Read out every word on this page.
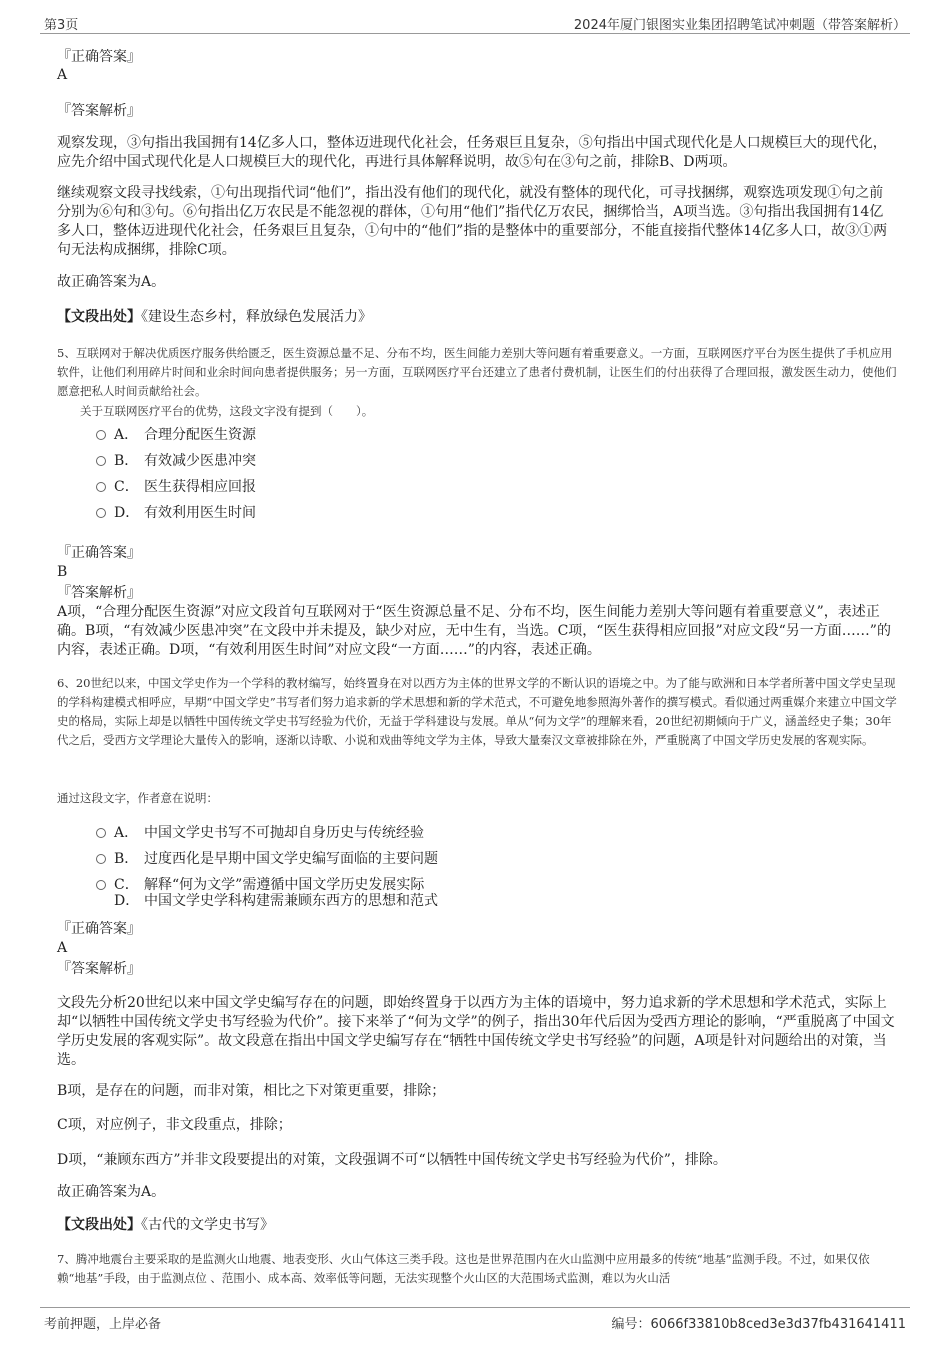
第3页	2024年厦门银图实业集团招聘笔试冲刺题（带答案解析）
『正确答案』
A
『答案解析』
观察发现，③句指出我国拥有14亿多人口，整体迈进现代化社会，任务艰巨且复杂，⑤句指出中国式现代化是人口规模巨大的现代化，应先介绍中国式现代化是人口规模巨大的现代化，再进行具体解释说明，故⑤句在③句之前，排除B、D两项。
继续观察文段寻找线索，①句出现指代词“他们”，指出没有他们的现代化，就没有整体的现代化，可寻找捆绑，观察选项发现①句之前分别为⑥句和③句。⑥句指出亿万农民是不能忽视的群体，①句用“他们”指代亿万农民，捆绑恰当，A项当选。③句指出我国拥有14亿多人口，整体迈进现代化社会，任务艰巨且复杂，①句中的“他们”指的是整体中的重要部分，不能直接指代整体14亿多人口，故③①两句无法构成捆绑，排除C项。
故正确答案为A。
【文段出处】《建设生态乡村，释放绿色发展活力》
5、互联网对于解决优质医疗服务供给匮乏，医生资源总量不足、分布不均，医生间能力差别大等问题有着重要意义。一方面，互联网医疗平台为医生提供了手机应用软件，让他们利用碎片时间和业余时间向患者提供服务；另一方面，互联网医疗平台还建立了患者付费机制，让医生们的付出获得了合理回报，激发医生动力，使他们愿意把私人时间贡献给社会。
关于互联网医疗平台的优势，这段文字没有提到（　　）。
A． 合理分配医生资源
B． 有效减少医患冲突
C． 医生获得相应回报
D． 有效利用医生时间
『正确答案』
B
『答案解析』
A项，“合理分配医生资源”对应文段首句互联网对于“医生资源总量不足、分布不均，医生间能力差别大等问题有着重要意义”，表述正确。B项，“有效减少医患冲突”在文段中并未提及，缺少对应，无中生有，当选。C项，“医生获得相应回报”对应文段“另一方面……”的内容，表述正确。D项，“有效利用医生时间”对应文段“一方面……”的内容，表述正确。
6、20世纪以来，中国文学史作为一个学科的教材编写，始终置身在对以西方为主体的世界文学的不断认识的语境之中。为了能与欧洲和日本学者所著中国文学史呈现的学科构建模式相呼应，早期“中国文学史”书写者们努力追求新的学术思想和新的学术范式，不可避免地参照海外著作的撰写模式。看似通过两重媒介来建立中国文学史的格局，实际上却是以牺牲中国传统文学史书写经验为代价，无益于学科建设与发展。单从“何为文学”的理解来看，20世纪初期倾向于广义，涵盖经史子集；30年代之后，受西方文学理论大量传入的影响，逐渐以诗歌、小说和戏曲等纯文学为主体，导致大量秦汉文章被排除在外，严重脱离了中国文学历史发展的客观实际。
通过这段文字，作者意在说明：
A． 中国文学史书写不可抛却自身历史与传统经验
B． 过度西化是早期中国文学史编写面临的主要问题
C． 解释“何为文学”需遵循中国文学历史发展实际
D． 中国文学史学科构建需兼顾东西方的思想和范式
『正确答案』
A
『答案解析』
文段先分析20世纪以来中国文学史编写存在的问题，即始终置身于以西方为主体的语境中，努力追求新的学术思想和学术范式，实际上却“以牺牲中国传统文学史书写经验为代价”。接下来举了“何为文学”的例子，指出30年代后因为受西方理论的影响，“严重脱离了中国文学历史发展的客观实际”。故文段意在指出中国文学史编写存在“牺牲中国传统文学史书写经验”的问题，A项是针对问题给出的对策，当选。
B项，是存在的问题，而非对策，相比之下对策更重要，排除；
C项，对应例子，非文段重点，排除；
D项，“兼顾东西方”并非文段要提出的对策，文段强调不可“以牺牲中国传统文学史书写经验为代价”，排除。
故正确答案为A。
【文段出处】《古代的文学史书写》
7、腾冲地震台主要采取的是监测火山地震、地表变形、火山气体这三类手段。这也是世界范围内在火山监测中应用最多的传统“地基”监测手段。不过，如果仅依赖“地基”手段，由于监测点位 、范围小、成本高、效率低等问题，无法实现整个火山区的大范围场式监测，难以为火山活
考前押题，上岸必备	编号：6066f33810b8ced3e3d37fb431641411
